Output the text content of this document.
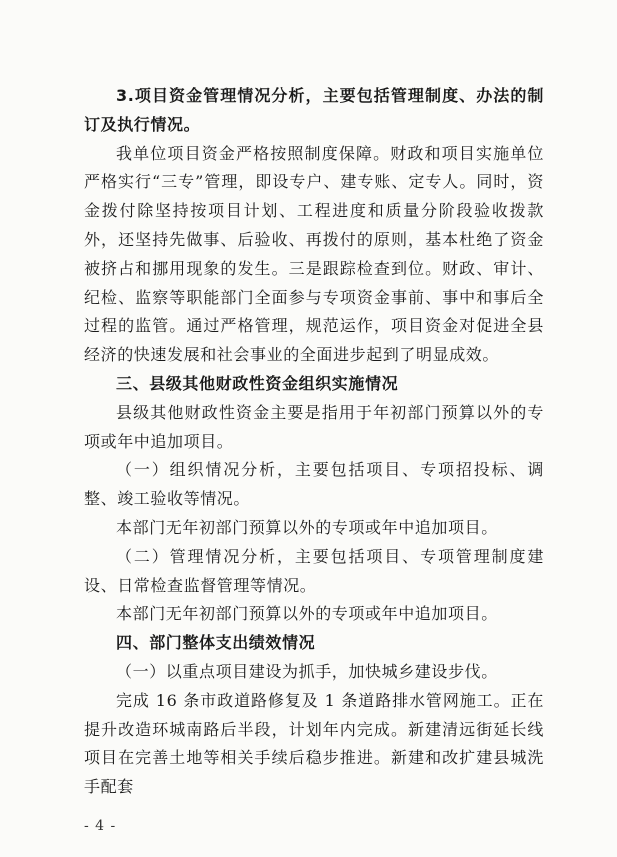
3.项目资金管理情况分析，主要包括管理制度、办法的制订及执行情况。

我单位项目资金严格按照制度保障。财政和项目实施单位严格实行“三专”管理，即设专户、建专账、定专人。同时，资金拨付除坚持按项目计划、工程进度和质量分阶段验收拨款外，还坚持先做事、后验收、再拨付的原则，基本杜绝了资金被挤占和挪用现象的发生。三是跟踪检查到位。财政、审计、纪检、监察等职能部门全面参与专项资金事前、事中和事后全过程的监管。通过严格管理，规范运作，项目资金对促进全县经济的快速发展和社会事业的全面进步起到了明显成效。

三、县级其他财政性资金组织实施情况

县级其他财政性资金主要是指用于年初部门预算以外的专项或年中追加项目。

（一）组织情况分析，主要包括项目、专项招投标、调整、竣工验收等情况。

本部门无年初部门预算以外的专项或年中追加项目。

（二）管理情况分析，主要包括项目、专项管理制度建设、日常检查监督管理等情况。

本部门无年初部门预算以外的专项或年中追加项目。

四、部门整体支出绩效情况

（一）以重点项目建设为抓手，加快城乡建设步伐。

完成 16 条市政道路修复及 1 条道路排水管网施工。正在提升改造环城南路后半段，计划年内完成。新建清远街延长线项目在完善土地等相关手续后稳步推进。新建和改扩建县城洗手配套

- 4 -
